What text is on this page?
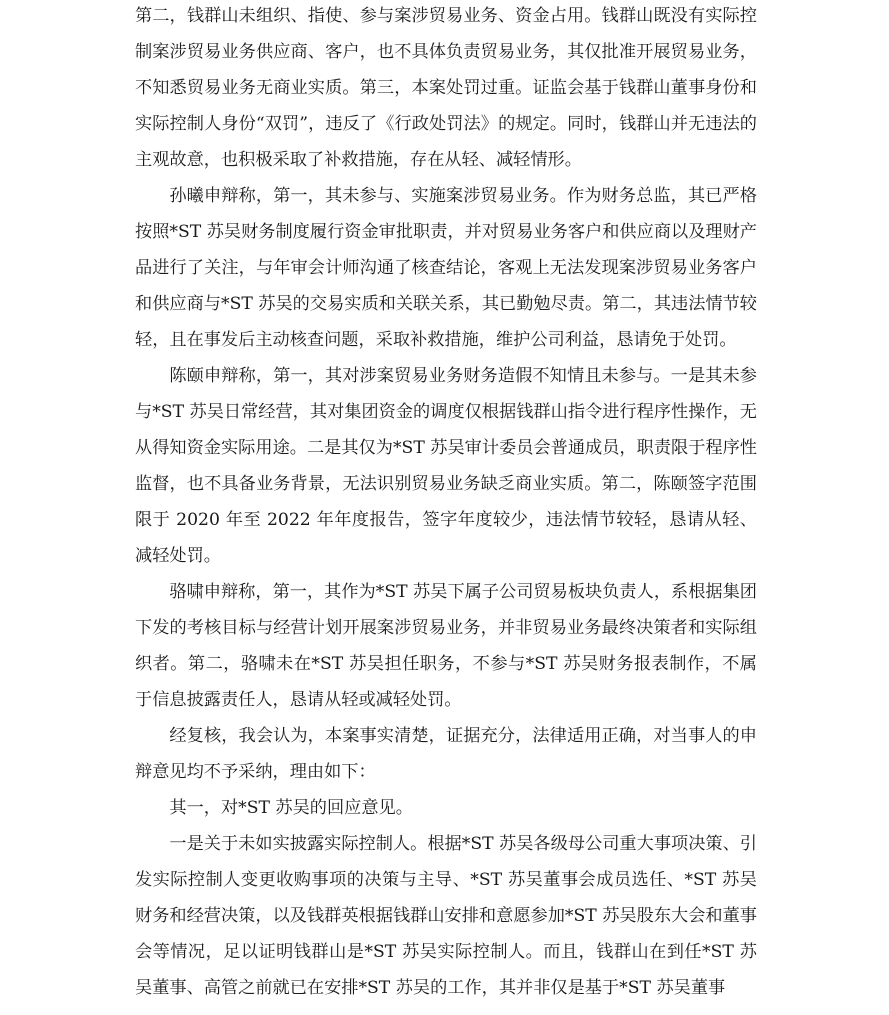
第二，钱群山未组织、指使、参与案涉贸易业务、资金占用。钱群山既没有实际控制案涉贸易业务供应商、客户，也不具体负责贸易业务，其仅批准开展贸易业务，不知悉贸易业务无商业实质。第三，本案处罚过重。证监会基于钱群山董事身份和实际控制人身份“双罚”，违反了《行政处罚法》的规定。同时，钱群山并无违法的主观故意，也积极采取了补救措施，存在从轻、减轻情形。

孙曦申辩称，第一，其未参与、实施案涉贸易业务。作为财务总监，其已严格按照*ST 苏吴财务制度履行资金审批职责，并对贸易业务客户和供应商以及理财产品进行了关注，与年审会计师沟通了核查结论，客观上无法发现案涉贸易业务客户和供应商与*ST 苏吴的交易实质和关联关系，其已勤勉尽责。第二，其违法情节较轻，且在事发后主动核查问题，采取补救措施，维护公司利益，恳请免于处罚。

陈颐申辩称，第一，其对涉案贸易业务财务造假不知情且未参与。一是其未参与*ST 苏吴日常经营，其对集团资金的调度仅根据钱群山指令进行程序性操作，无从得知资金实际用途。二是其仅为*ST 苏吴审计委员会普通成员，职责限于程序性监督，也不具备业务背景，无法识别贸易业务缺乏商业实质。第二，陈颐签字范围限于 2020 年至 2022 年年度报告，签字年度较少，违法情节较轻，恳请从轻、减轻处罚。

骆啸申辩称，第一，其作为*ST 苏吴下属子公司贸易板块负责人，系根据集团下发的考核目标与经营计划开展案涉贸易业务，并非贸易业务最终决策者和实际组织者。第二，骆啸未在*ST 苏吴担任职务，不参与*ST 苏吴财务报表制作，不属于信息披露责任人，恳请从轻或减轻处罚。

经复核，我会认为，本案事实清楚，证据充分，法律适用正确，对当事人的申辩意见均不予采纳，理由如下：

其一，对*ST 苏吴的回应意见。

一是关于未如实披露实际控制人。根据*ST 苏吴各级母公司重大事项决策、引发实际控制人变更收购事项的决策与主导、*ST 苏吴董事会成员选任、*ST 苏吴财务和经营决策，以及钱群英根据钱群山安排和意愿参加*ST 苏吴股东大会和董事会等情况，足以证明钱群山是*ST 苏吴实际控制人。而且，钱群山在到任*ST 苏吴董事、高管之前就已在安排*ST 苏吴的工作，其并非仅是基于*ST 苏吴董事
